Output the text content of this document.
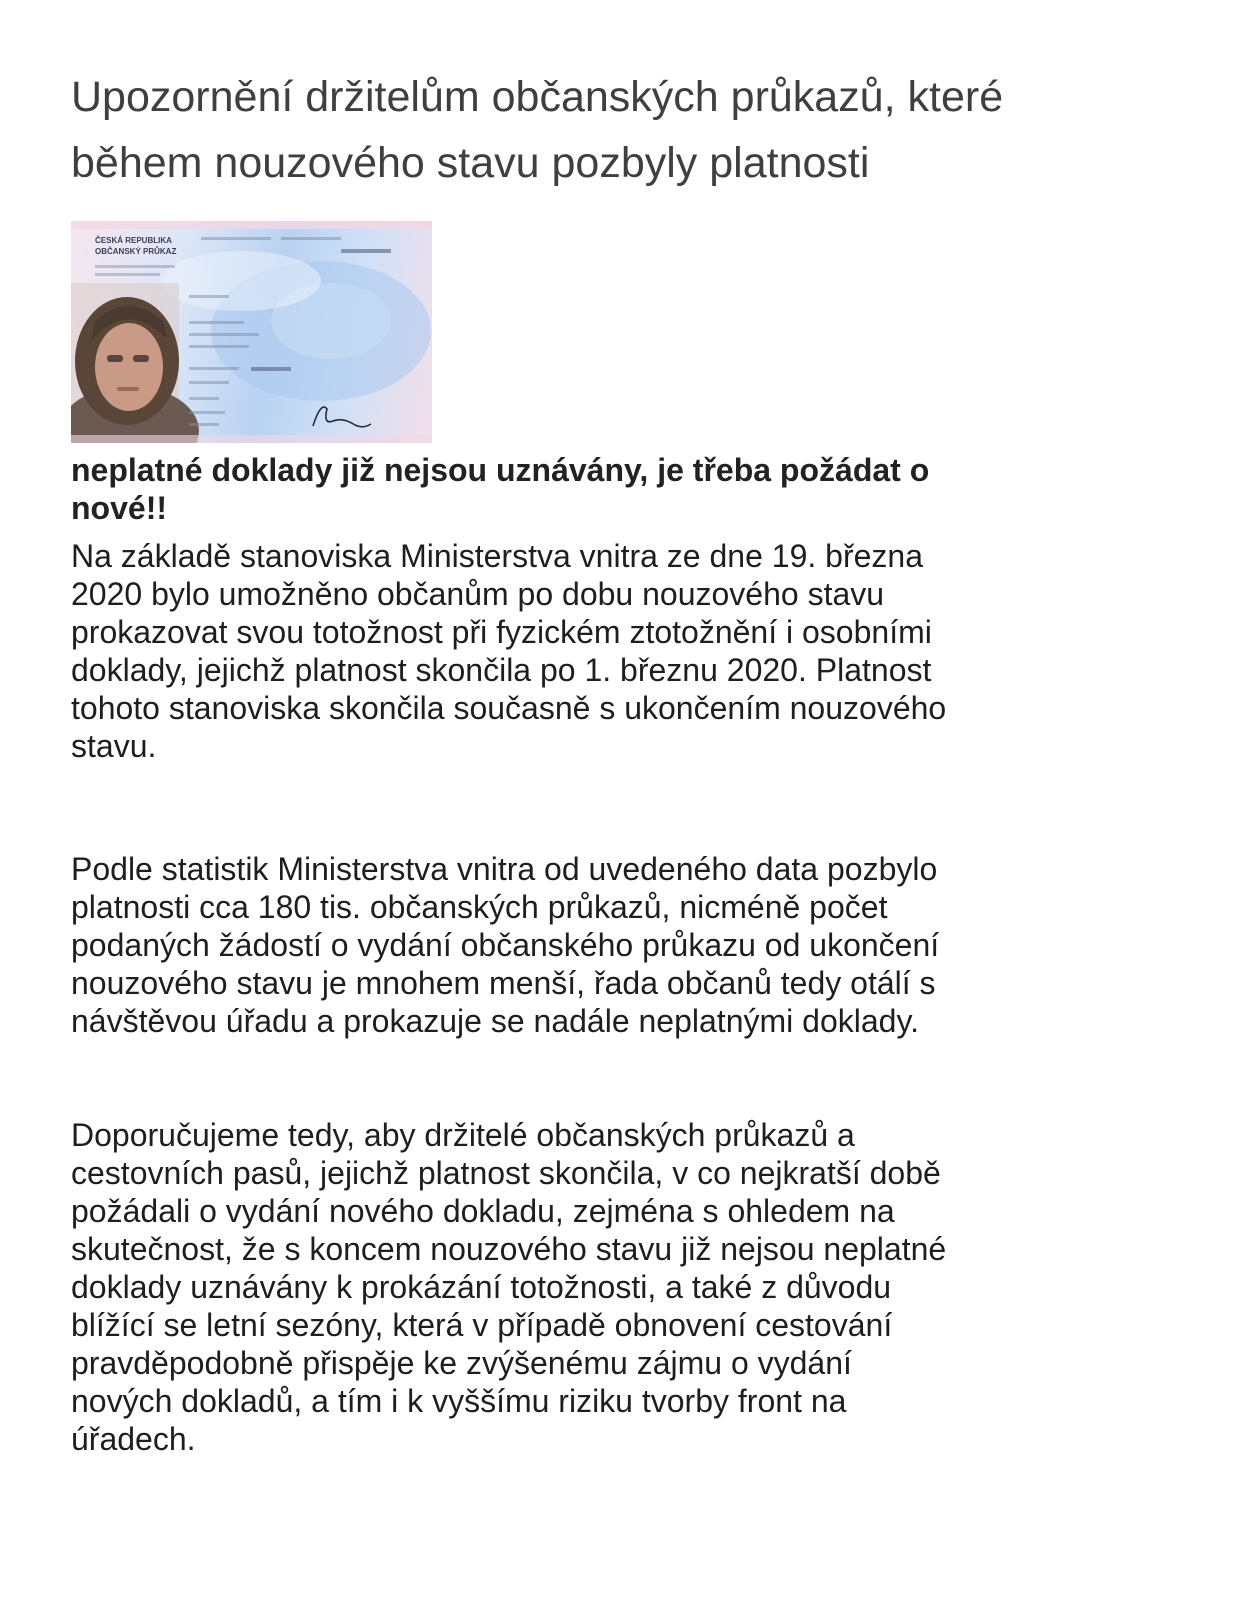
Upozornění držitelům občanských průkazů, které
během nouzového stavu pozbyly platnosti
ČESKÁ REPUBLIKA
OBČANSKÝ PRŮKAZ
neplatné doklady již nejsou uznávány, je třeba požádat o
nové!!

Na základě stanoviska Ministerstva vnitra ze dne 19. března
2020 bylo umožněno občanům po dobu nouzového stavu
prokazovat svou totožnost při fyzickém ztotožnění i osobními
doklady, jejichž platnost skončila po 1. březnu 2020. Platnost
tohoto stanoviska skončila současně s ukončením nouzového
stavu.

Podle statistik Ministerstva vnitra od uvedeného data pozbylo
platnosti cca 180 tis. občanských průkazů, nicméně počet
podaných žádostí o vydání občanského průkazu od ukončení
nouzového stavu je mnohem menší, řada občanů tedy otálí s
návštěvou úřadu a prokazuje se nadále neplatnými doklady.

Doporučujeme tedy, aby držitelé občanských průkazů a
cestovních pasů, jejichž platnost skončila, v co nejkratší době
požádali o vydání nového dokladu, zejména s ohledem na
skutečnost, že s koncem nouzového stavu již nejsou neplatné
doklady uznávány k prokázání totožnosti, a také z důvodu
blížící se letní sezóny, která v případě obnovení cestování
pravděpodobně přispěje ke zvýšenému zájmu o vydání
nových dokladů, a tím i k vyššímu riziku tvorby front na
úřadech.
